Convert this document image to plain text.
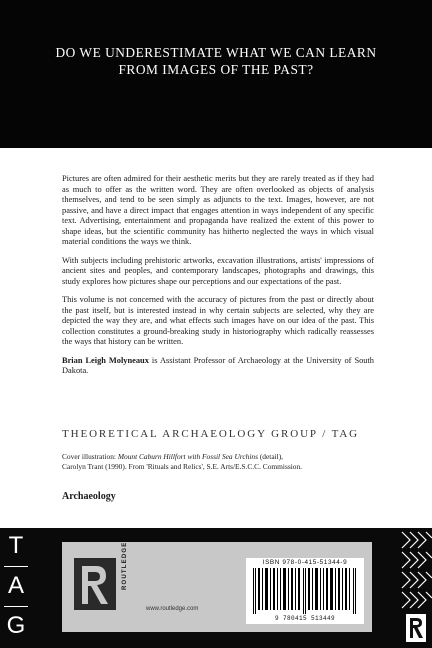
DO WE UNDERESTIMATE WHAT WE CAN LEARN
FROM IMAGES OF THE PAST?

Pictures are often admired for their aesthetic merits but they are rarely treated as if they had as much to offer as the written word. They are often overlooked as objects of analysis themselves, and tend to be seen simply as adjuncts to the text. Images, however, are not passive, and have a direct impact that engages attention in ways independent of any specific text. Advertising, entertainment and propaganda have realized the extent of this power to shape ideas, but the scientific community has hitherto neglected the ways in which visual material conditions the ways we think.

With subjects including prehistoric artworks, excavation illustrations, artists' impressions of ancient sites and peoples, and contemporary landscapes, photographs and drawings, this study explores how pictures shape our perceptions and our expectations of the past.

This volume is not concerned with the accuracy of pictures from the past or directly about the past itself, but is interested instead in why certain subjects are selected, why they are depicted the way they are, and what effects such images have on our idea of the past. This collection constitutes a ground-breaking study in historiography which radically reassesses the ways that history can be written.

Brian Leigh Molyneaux is Assistant Professor of Archaeology at the University of South Dakota.

THEORETICAL ARCHAEOLOGY GROUP / TAG
Cover illustration: Mount Caburn Hillfort with Fossil Sea Urchins (detail),
Carolyn Trant (1990). From 'Rituals and Relics', S.E. Arts/E.S.C.C. Commission.
Archaeology
T
A
G
ROUTLEDGE
www.routledge.com
ISBN 978-0-415-51344-9
9 780415 513449
